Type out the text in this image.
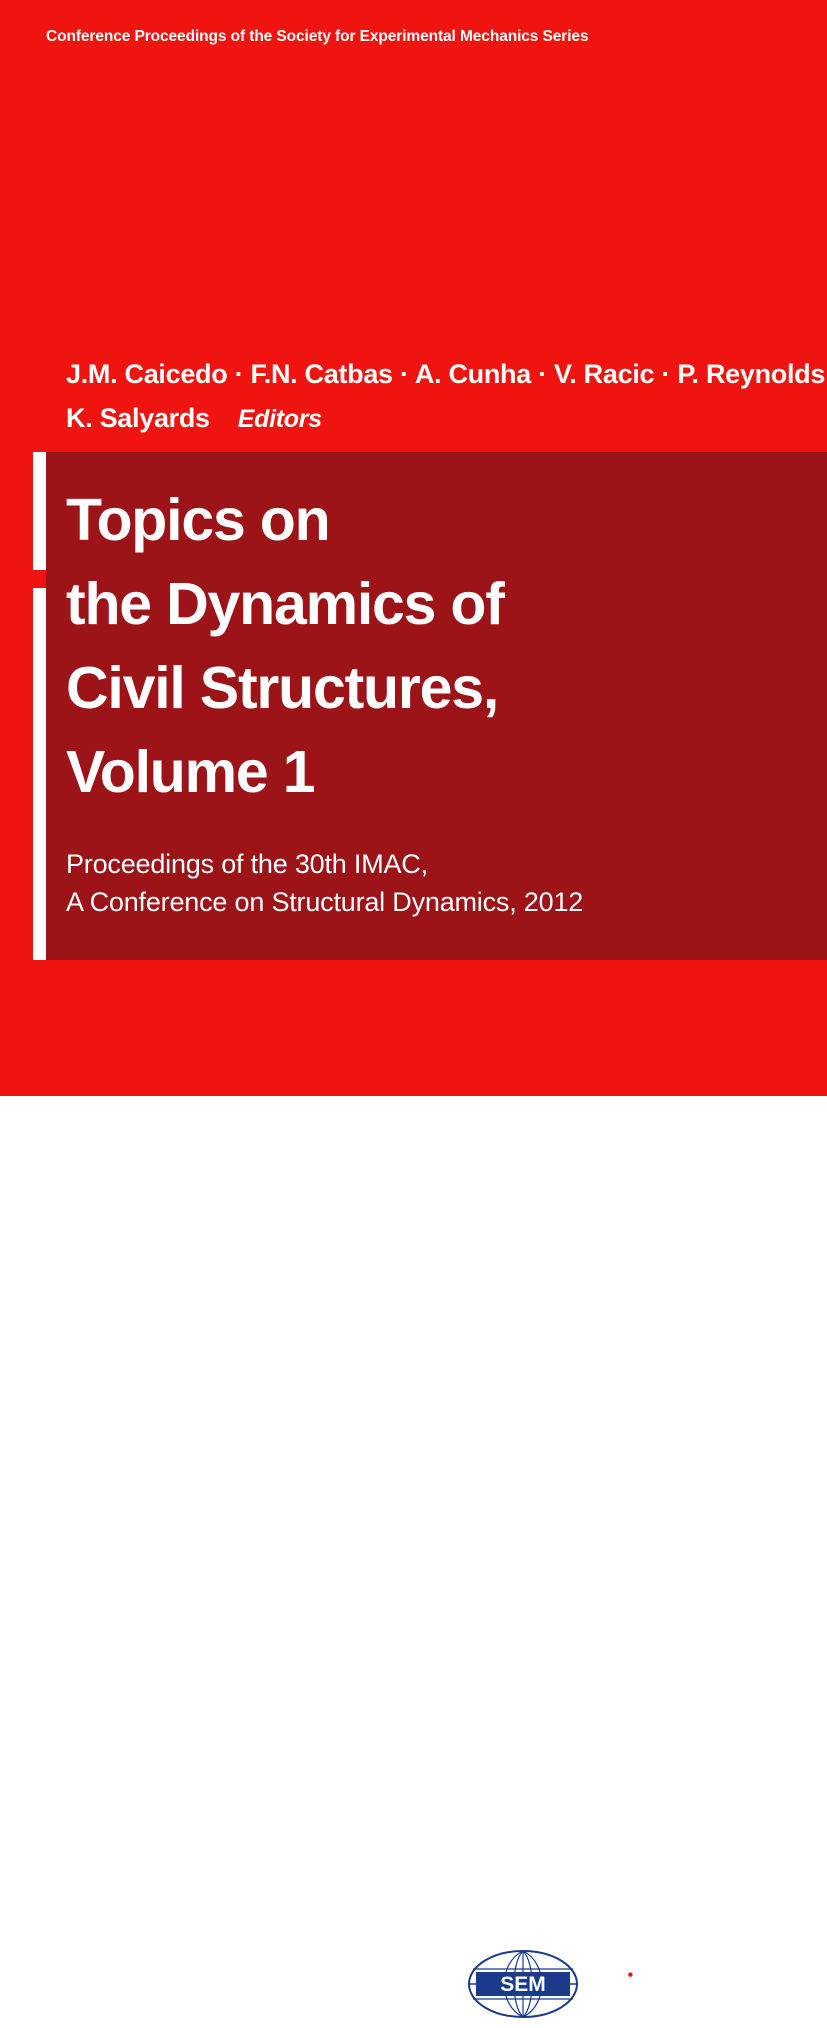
Conference Proceedings of the Society for Experimental Mechanics Series
J.M. Caicedo · F.N. Catbas · A. Cunha · V. Racic · P. Reynolds
K. Salyards Editors
Topics on
the Dynamics of
Civil Structures,
Volume 1
Proceedings of the 30th IMAC,
A Conference on Structural Dynamics, 2012
SEM	Springer
